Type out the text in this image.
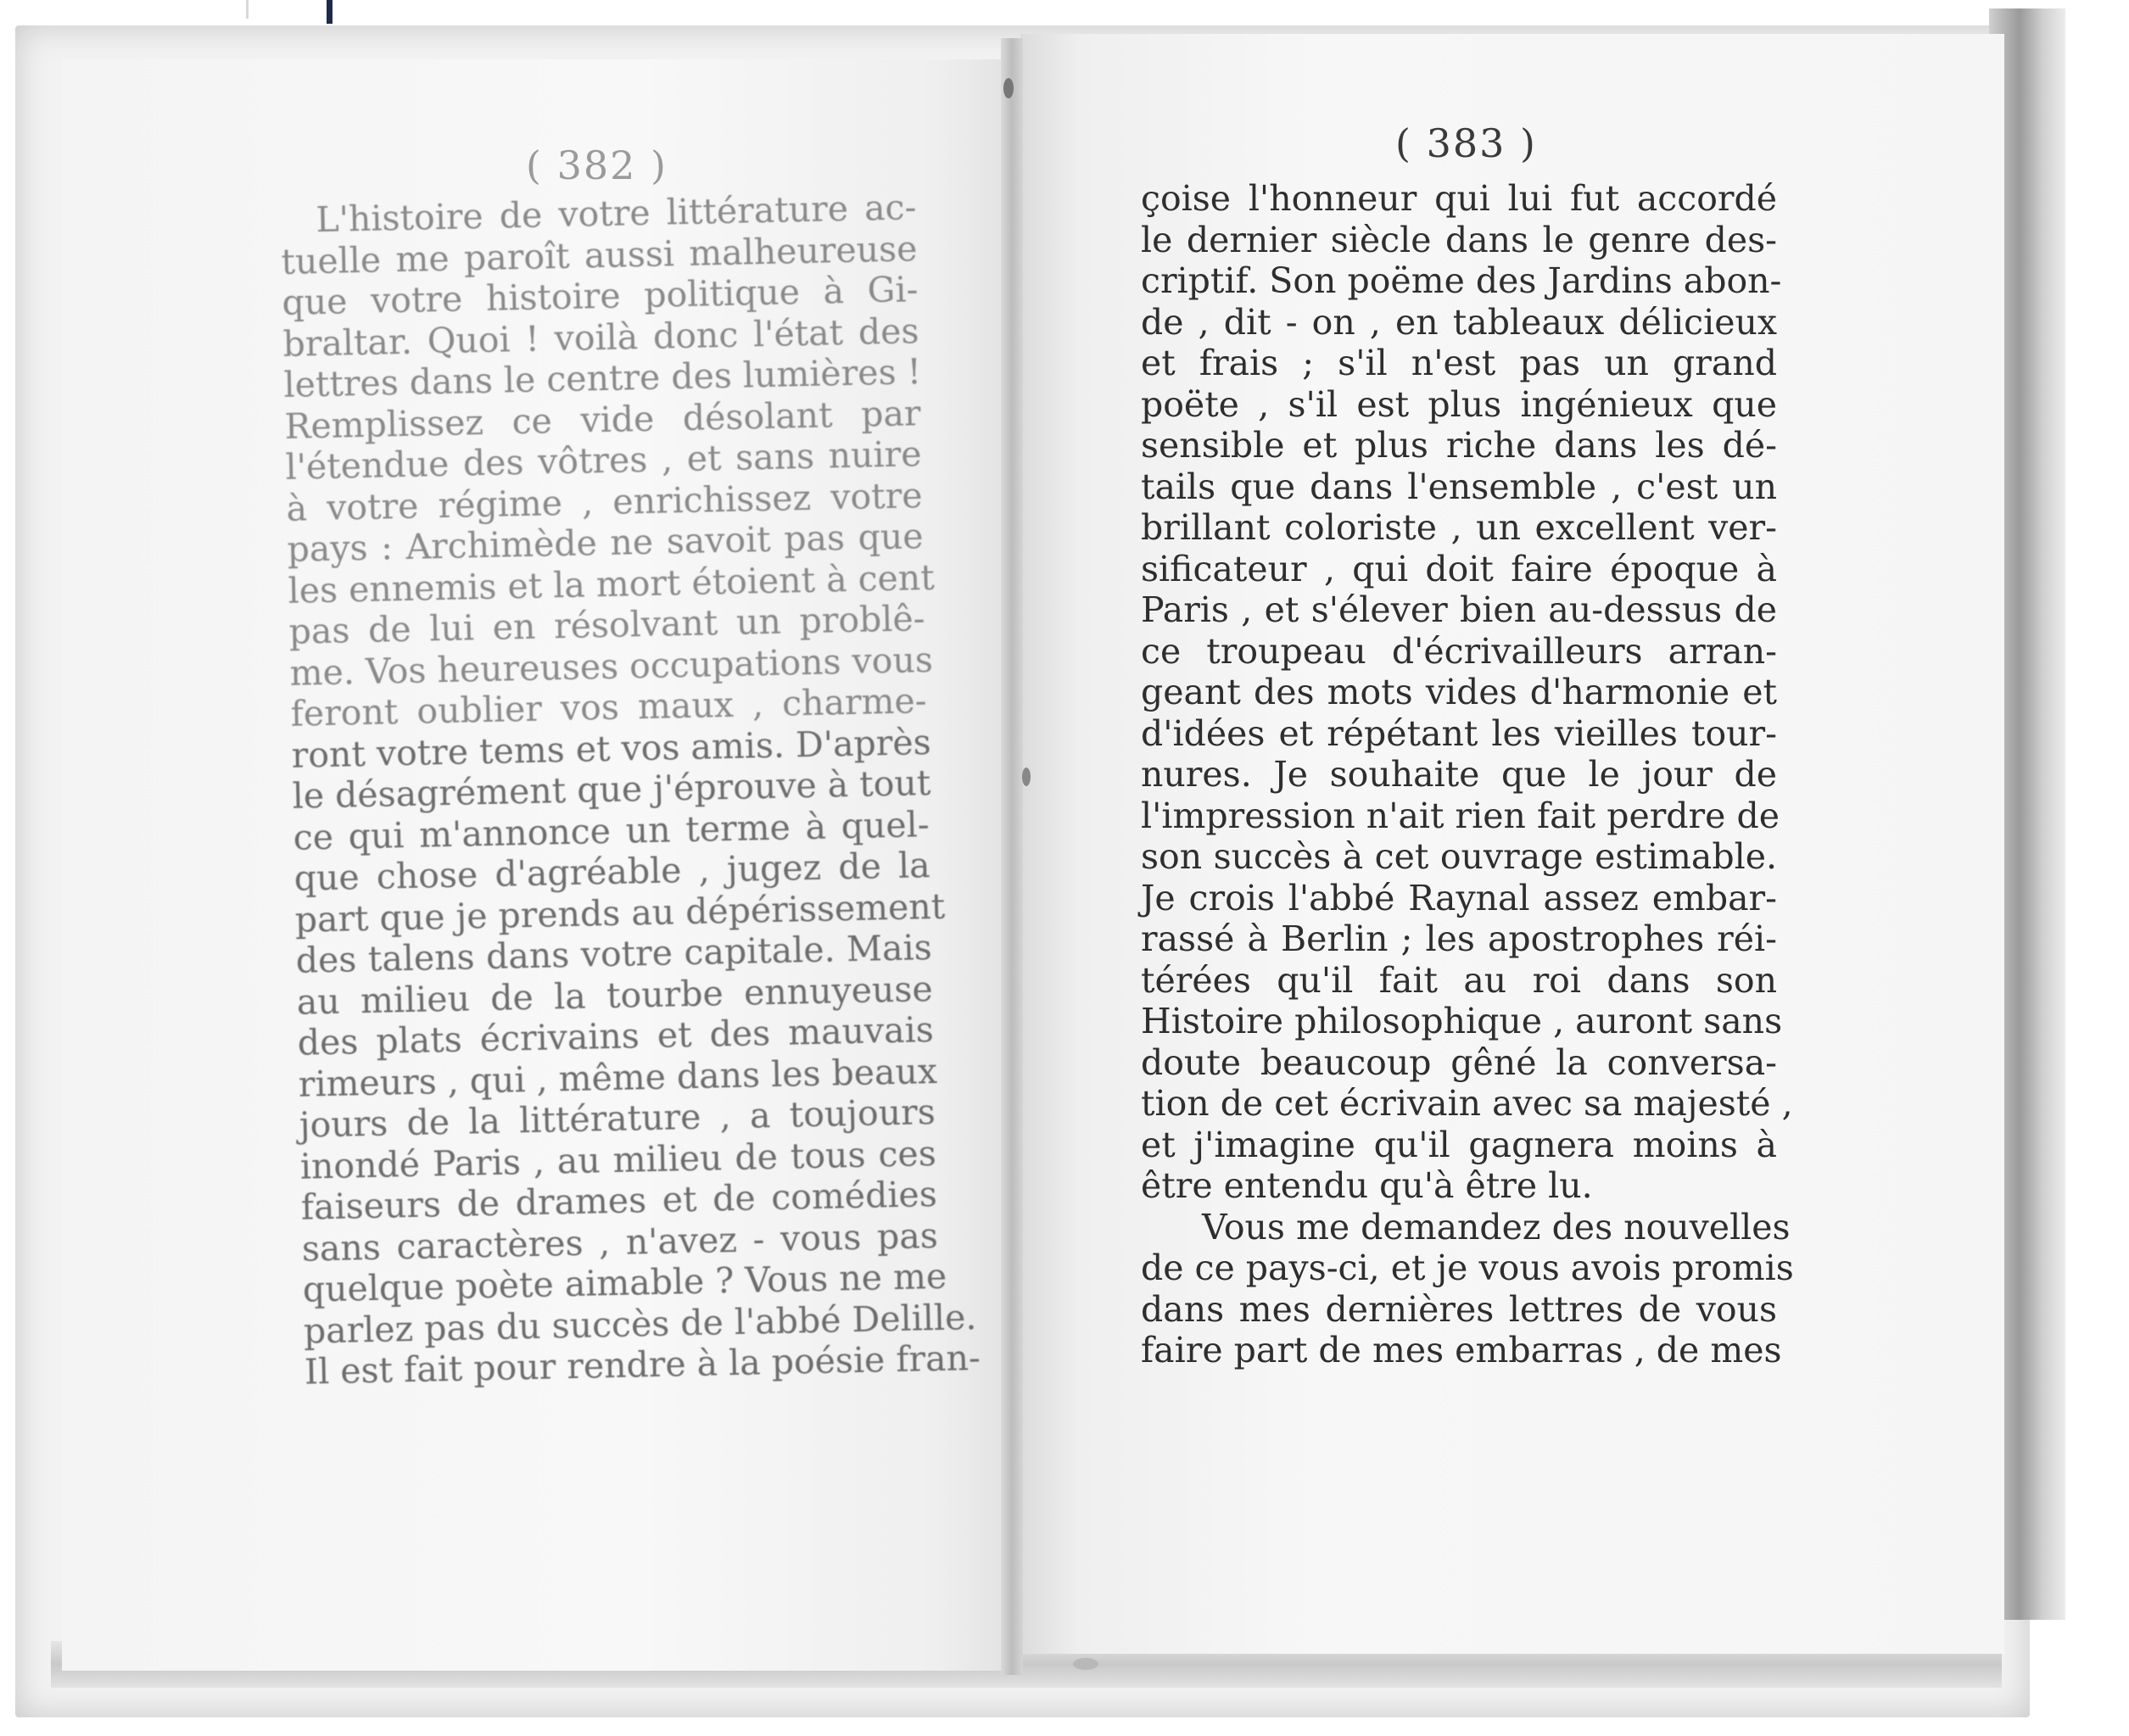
( 382 )
L'histoire de votre littérature ac-
tuelle me paroît aussi malheureuse
que votre histoire politique à Gi-
braltar. Quoi ! voilà donc l'état des
lettres dans le centre des lumières !
Remplissez ce vide désolant par
l'étendue des vôtres , et sans nuire
à votre régime , enrichissez votre
pays : Archimède ne savoit pas que
les ennemis et la mort étoient à cent
pas de lui en résolvant un problê-
me. Vos heureuses occupations vous
feront oublier vos maux , charme-
ront votre tems et vos amis. D'après
le désagrément que j'éprouve à tout
ce qui m'annonce un terme à quel-
que chose d'agréable , jugez de la
part que je prends au dépérissement
des talens dans votre capitale. Mais
au milieu de la tourbe ennuyeuse
des plats écrivains et des mauvais
rimeurs , qui , même dans les beaux
jours de la littérature , a toujours
inondé Paris , au milieu de tous ces
faiseurs de drames et de comédies
sans caractères , n'avez - vous pas
quelque poète aimable ? Vous ne me
parlez pas du succès de l'abbé Delille.
Il est fait pour rendre à la poésie fran-
( 383 )
çoise l'honneur qui lui fut accordé
le dernier siècle dans le genre des-
criptif. Son poëme des Jardins abon-
de , dit - on , en tableaux délicieux
et frais ; s'il n'est pas un grand
poëte , s'il est plus ingénieux que
sensible et plus riche dans les dé-
tails que dans l'ensemble , c'est un
brillant coloriste , un excellent ver-
sificateur , qui doit faire époque à
Paris , et s'élever bien au-dessus de
ce troupeau d'écrivailleurs arran-
geant des mots vides d'harmonie et
d'idées et répétant les vieilles tour-
nures. Je souhaite que le jour de
l'impression n'ait rien fait perdre de
son succès à cet ouvrage estimable.
Je crois l'abbé Raynal assez embar-
rassé à Berlin ; les apostrophes réi-
térées qu'il fait au roi dans son
Histoire philosophique , auront sans
doute beaucoup gêné la conversa-
tion de cet écrivain avec sa majesté ,
et j'imagine qu'il gagnera moins à
être entendu qu'à être lu.
Vous me demandez des nouvelles
de ce pays-ci, et je vous avois promis
dans mes dernières lettres de vous
faire part de mes embarras , de mes
